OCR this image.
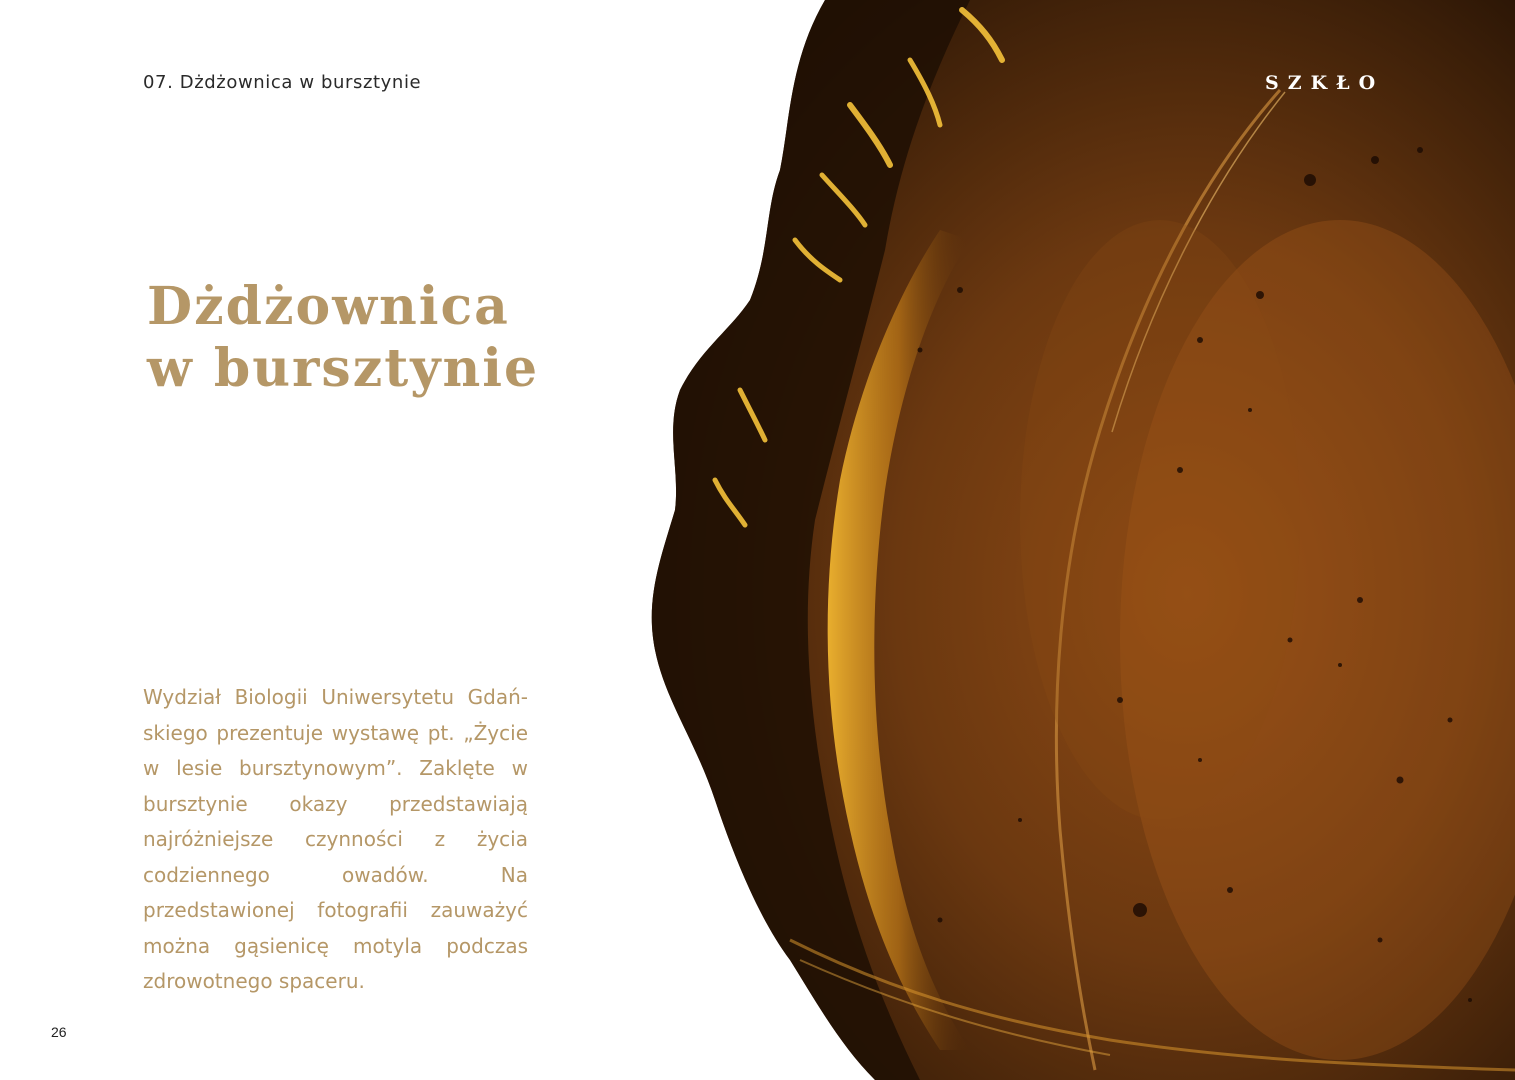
07. Dżdżownica w bursztynie
Dżdżownica
w bursztynie

Wydział Biologii Uniwersytetu Gdańskiego prezentuje wystawę pt. „Życie w lesie bursztynowym”. Zaklęte w bursztynie okazy przedstawiają najróżniejsze czynności z życia codziennego owadów. Na przedstawionej fotografii zauważyć można gąsienicę motyla podczas zdrowotnego spaceru.

26
SZKŁO
